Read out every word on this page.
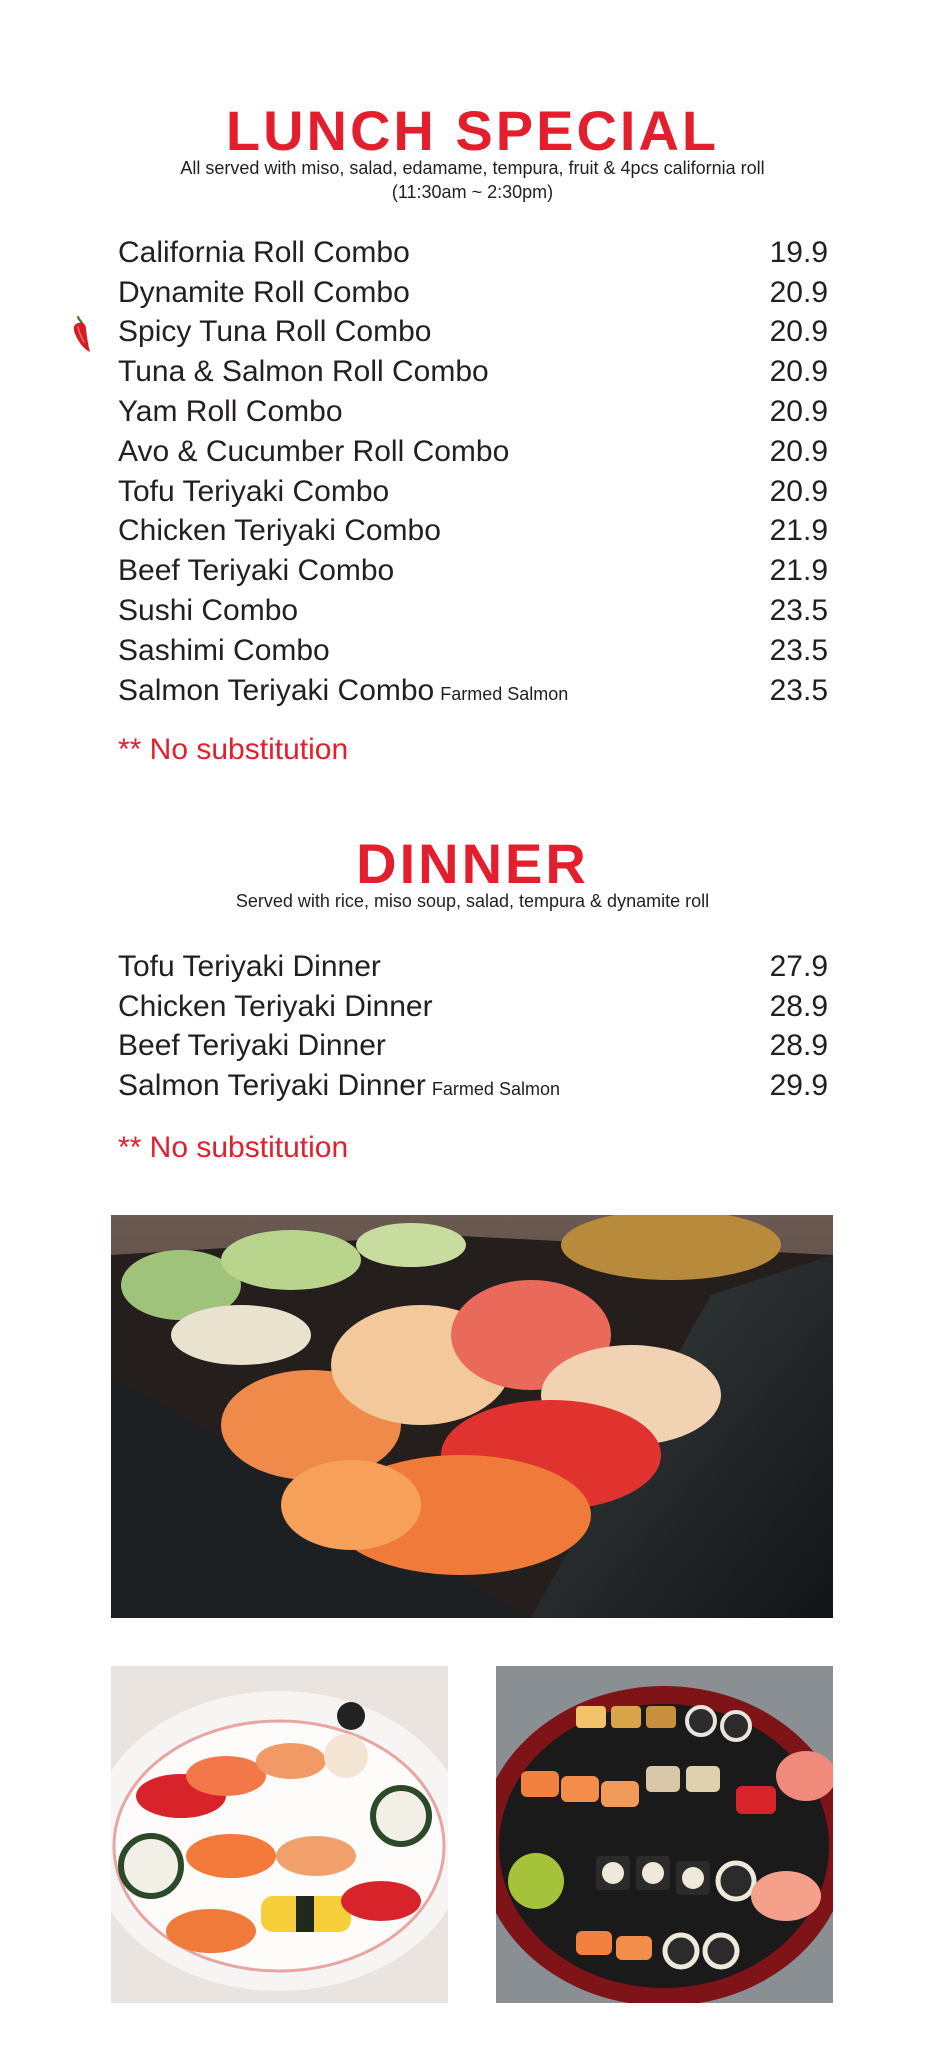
LUNCH SPECIAL
All served with miso, salad, edamame, tempura, fruit & 4pcs california roll
(11:30am ~ 2:30pm)
California Roll Combo	19.9
Dynamite Roll Combo	20.9
Spicy Tuna Roll Combo	20.9
Tuna & Salmon Roll Combo	20.9
Yam Roll Combo	20.9
Avo & Cucumber Roll Combo	20.9
Tofu Teriyaki Combo	20.9
Chicken Teriyaki Combo	21.9
Beef Teriyaki Combo	21.9
Sushi Combo	23.5
Sashimi Combo	23.5
Salmon Teriyaki Combo Farmed Salmon	23.5
** No substitution
DINNER
Served with rice, miso soup, salad, tempura & dynamite roll
Tofu Teriyaki Dinner	27.9
Chicken Teriyaki Dinner	28.9
Beef Teriyaki Dinner	28.9
Salmon Teriyaki Dinner Farmed Salmon	29.9
** No substitution
